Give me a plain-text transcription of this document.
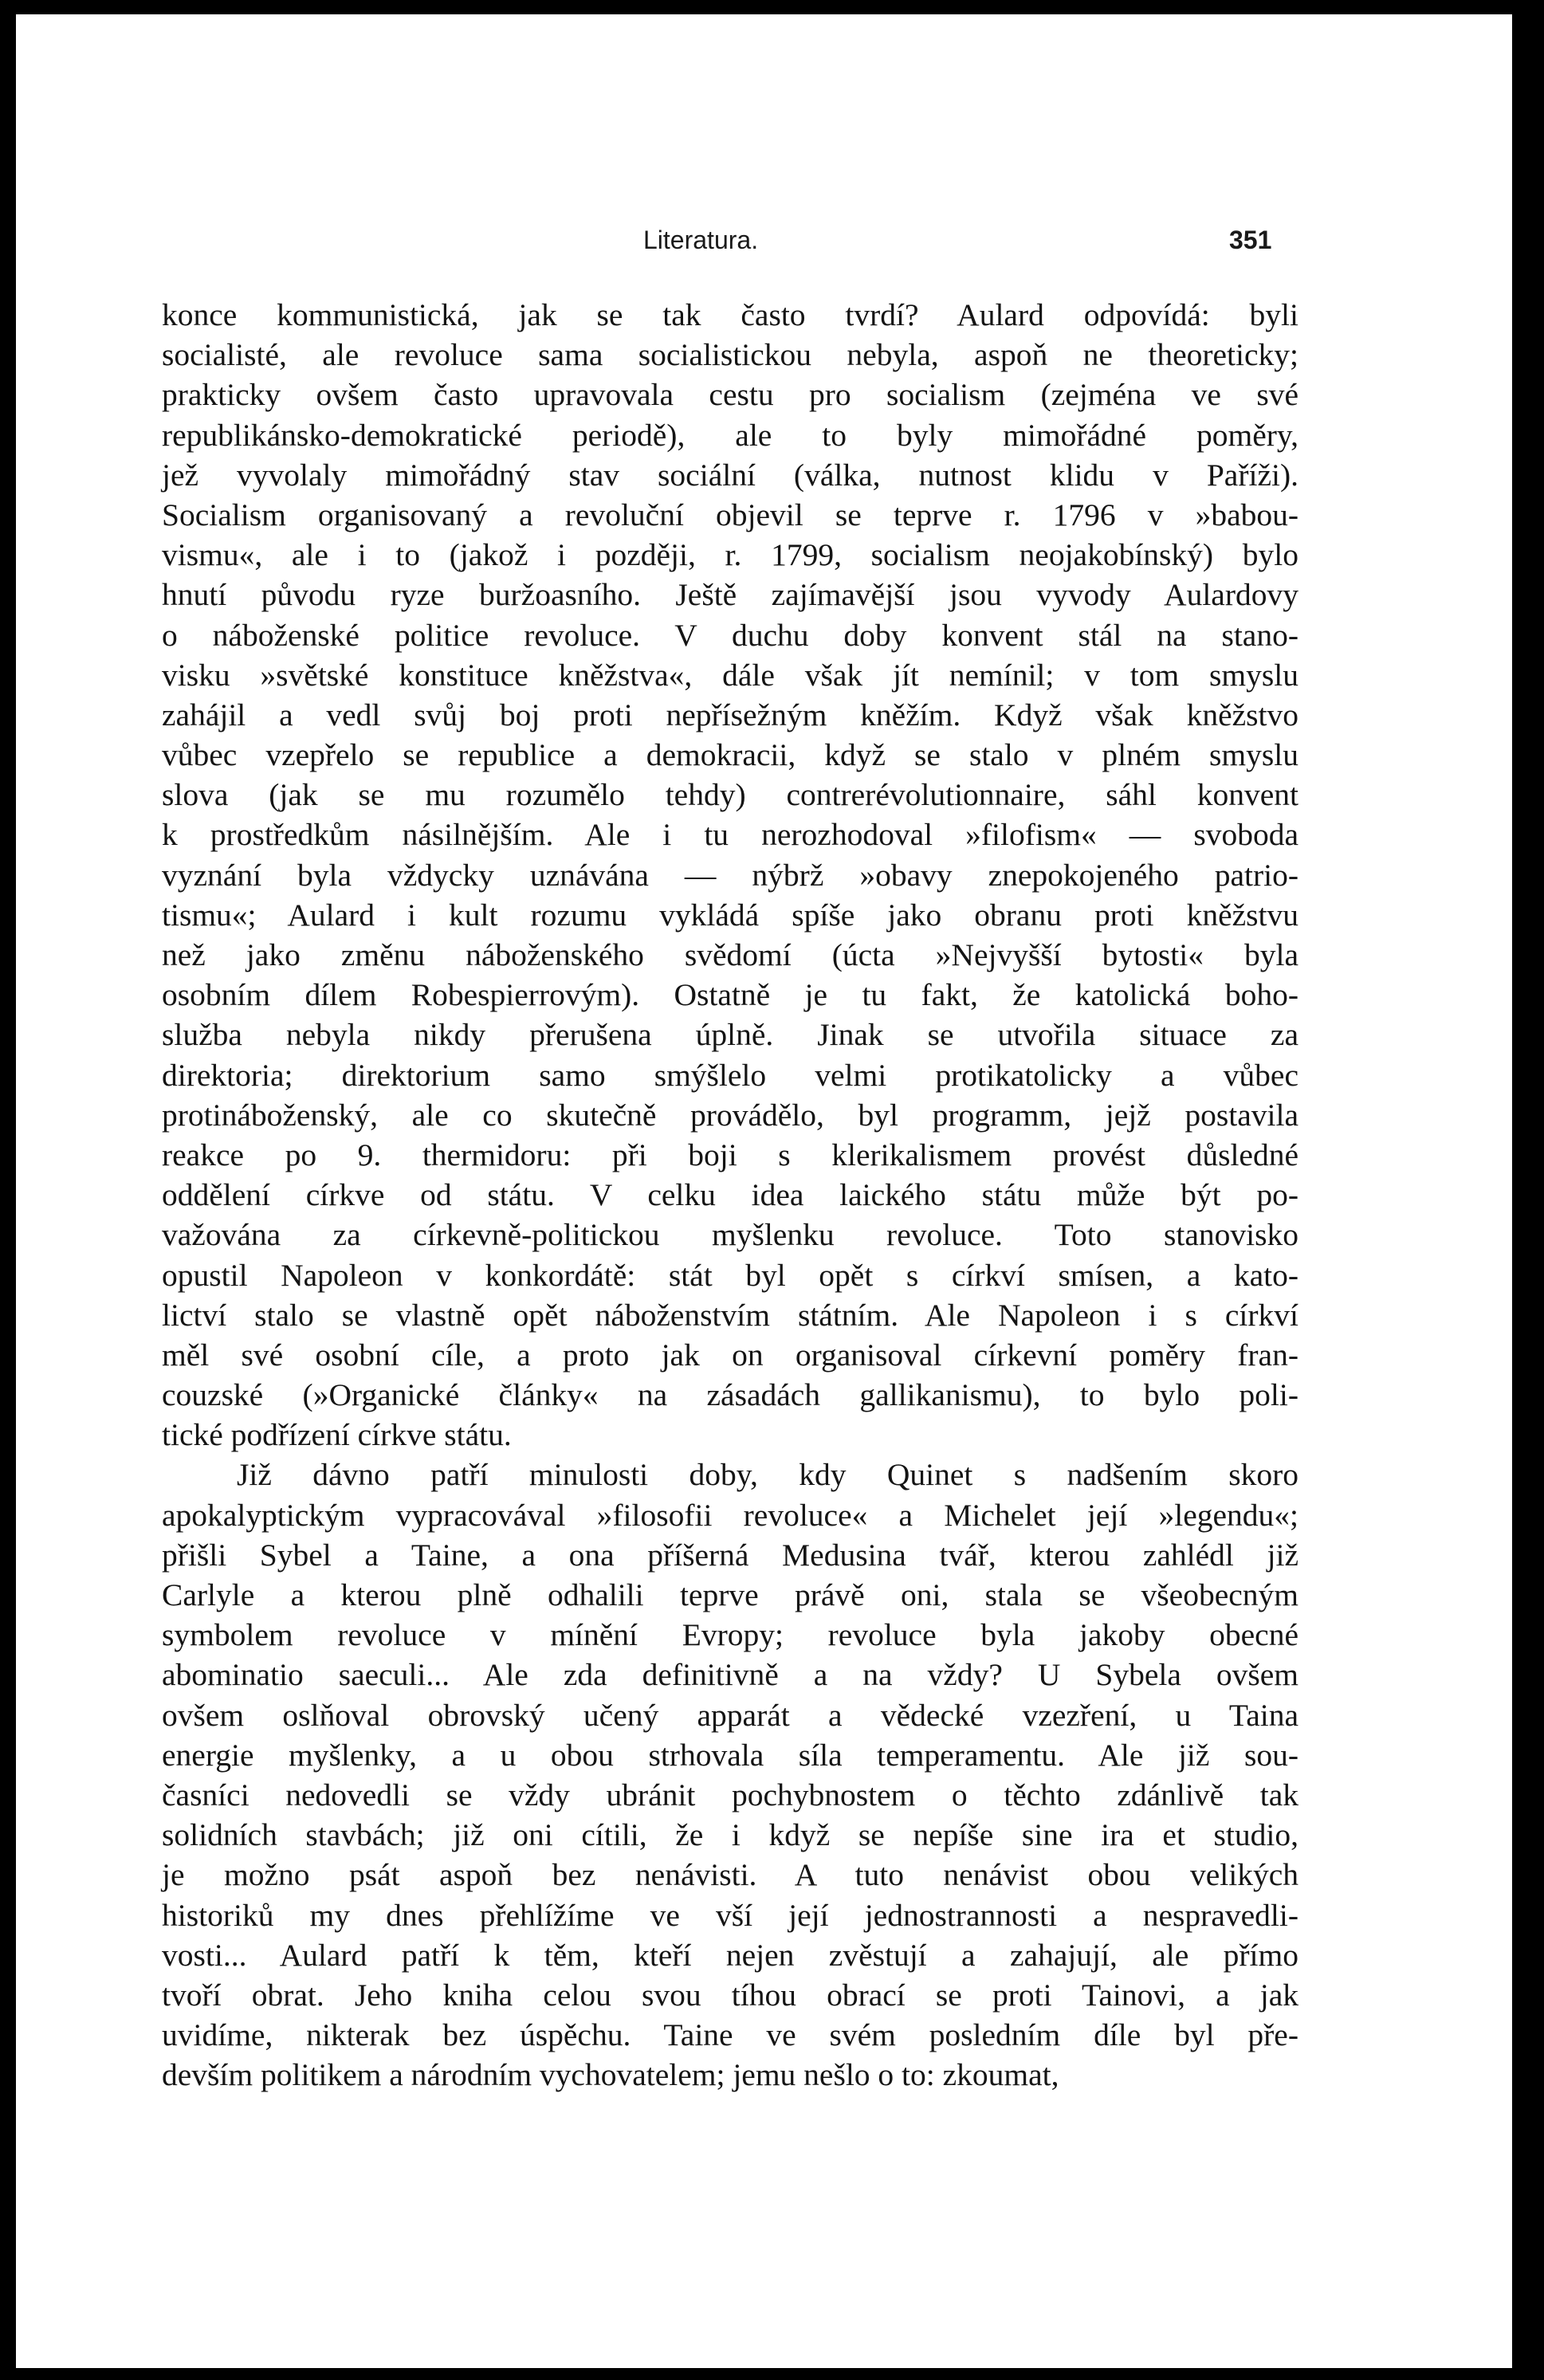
Literatura.	351
konce kommunistická, jak se tak často tvrdí? Aulard odpovídá: byli
socialisté, ale revoluce sama socialistickou nebyla, aspoň ne theoreticky;
prakticky ovšem často upravovala cestu pro socialism (zejména ve své
republikánsko-demokratické periodě), ale to byly mimořádné poměry,
jež vyvolaly mimořádný stav sociální (válka, nutnost klidu v Paříži).
Socialism organisovaný a revoluční objevil se teprve r. 1796 v »babou-
vismu«, ale i to (jakož i později, r. 1799, socialism neojakobínský) bylo
hnutí původu ryze buržoasního. Ještě zajímavější jsou vyvody Aulardovy
o náboženské politice revoluce. V duchu doby konvent stál na stano-
visku »světské konstituce kněžstva«, dále však jít nemínil; v tom smyslu
zahájil a vedl svůj boj proti nepřísežným kněžím. Když však kněžstvo
vůbec vzepřelo se republice a demokracii, když se stalo v plném smyslu
slova (jak se mu rozumělo tehdy) contrerévolutionnaire, sáhl konvent
k prostředkům násilnějším. Ale i tu nerozhodoval »filofism« — svoboda
vyznání byla vždycky uznávána — nýbrž »obavy znepokojeného patrio-
tismu«; Aulard i kult rozumu vykládá spíše jako obranu proti kněžstvu
než jako změnu náboženského svědomí (úcta »Nejvyšší bytosti« byla
osobním dílem Robespierrovým). Ostatně je tu fakt, že katolická boho-
služba nebyla nikdy přerušena úplně. Jinak se utvořila situace za
direktoria; direktorium samo smýšlelo velmi protikatolicky a vůbec
protináboženský, ale co skutečně provádělo, byl programm, jejž postavila
reakce po 9. thermidoru: při boji s klerikalismem provést důsledné
oddělení církve od státu. V celku idea laického státu může být po-
važována za církevně-politickou myšlenku revoluce. Toto stanovisko
opustil Napoleon v konkordátě: stát byl opět s církví smísen, a kato-
lictví stalo se vlastně opět náboženstvím státním. Ale Napoleon i s církví
měl své osobní cíle, a proto jak on organisoval církevní poměry fran-
couzské (»Organické články« na zásadách gallikanismu), to bylo poli-
tické podřízení církve státu.
Již dávno patří minulosti doby, kdy Quinet s nadšením skoro
apokalyptickým vypracovával »filosofii revoluce« a Michelet její »legendu«;
přišli Sybel a Taine, a ona příšerná Medusina tvář, kterou zahlédl již
Carlyle a kterou plně odhalili teprve právě oni, stala se všeobecným
symbolem revoluce v mínění Evropy; revoluce byla jakoby obecné
abominatio saeculi... Ale zda definitivně a na vždy? U Sybela ovšem
ovšem oslňoval obrovský učený apparát a vědecké vzezření, u Taina
energie myšlenky, a u obou strhovala síla temperamentu. Ale již sou-
časníci nedovedli se vždy ubránit pochybnostem o těchto zdánlivě tak
solidních stavbách; již oni cítili, že i když se nepíše sine ira et studio,
je možno psát aspoň bez nenávisti. A tuto nenávist obou velikých
historiků my dnes přehlížíme ve vší její jednostrannosti a nespravedli-
vosti... Aulard patří k těm, kteří nejen zvěstují a zahajují, ale přímo
tvoří obrat. Jeho kniha celou svou tíhou obrací se proti Tainovi, a jak
uvidíme, nikterak bez úspěchu. Taine ve svém posledním díle byl pře-
devším politikem a národním vychovatelem; jemu nešlo o to: zkoumat,
